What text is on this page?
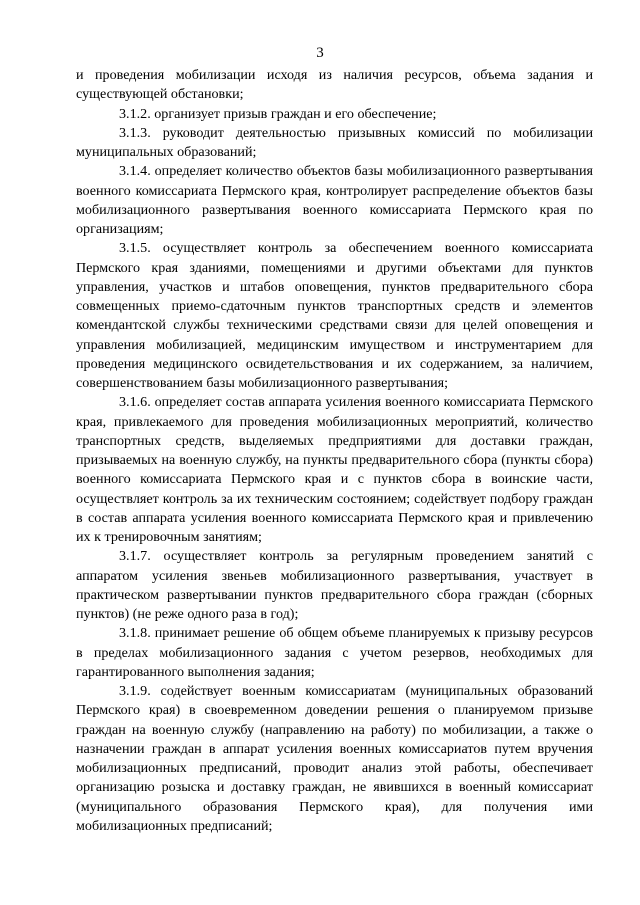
3

и проведения мобилизации исходя из наличия ресурсов, объема задания и существующей обстановки;

3.1.2. организует призыв граждан и его обеспечение;

3.1.3. руководит деятельностью призывных комиссий по мобилизации муниципальных образований;

3.1.4. определяет количество объектов базы мобилизационного развертывания военного комиссариата Пермского края, контролирует распределение объектов базы мобилизационного развертывания военного комиссариата Пермского края по организациям;

3.1.5. осуществляет контроль за обеспечением военного комиссариата Пермского края зданиями, помещениями и другими объектами для пунктов управления, участков и штабов оповещения, пунктов предварительного сбора совмещенных приемо-сдаточным пунктов транспортных средств и элементов комендантской службы техническими средствами связи для целей оповещения и управления мобилизацией, медицинским имуществом и инструментарием для проведения медицинского освидетельствования и их содержанием, за наличием, совершенствованием базы мобилизационного развертывания;

3.1.6. определяет состав аппарата усиления военного комиссариата Пермского края, привлекаемого для проведения мобилизационных мероприятий, количество транспортных средств, выделяемых предприятиями для доставки граждан, призываемых на военную службу, на пункты предварительного сбора (пункты сбора) военного комиссариата Пермского края и с пунктов сбора в воинские части, осуществляет контроль за их техническим состоянием; содействует подбору граждан в состав аппарата усиления военного комиссариата Пермского края и привлечению их к тренировочным занятиям;

3.1.7. осуществляет контроль за регулярным проведением занятий с аппаратом усиления звеньев мобилизационного развертывания, участвует в практическом развертывании пунктов предварительного сбора граждан (сборных пунктов) (не реже одного раза в год);

3.1.8. принимает решение об общем объеме планируемых к призыву ресурсов в пределах мобилизационного задания с учетом резервов, необходимых для гарантированного выполнения задания;

3.1.9. содействует военным комиссариатам (муниципальных образований Пермского края) в своевременном доведении решения о планируемом призыве граждан на военную службу (направлению на работу) по мобилизации, а также о назначении граждан в аппарат усиления военных комиссариатов путем вручения мобилизационных предписаний, проводит анализ этой работы, обеспечивает организацию розыска и доставку граждан, не явившихся в военный комиссариат (муниципального образования Пермского края), для получения ими мобилизационных предписаний;
